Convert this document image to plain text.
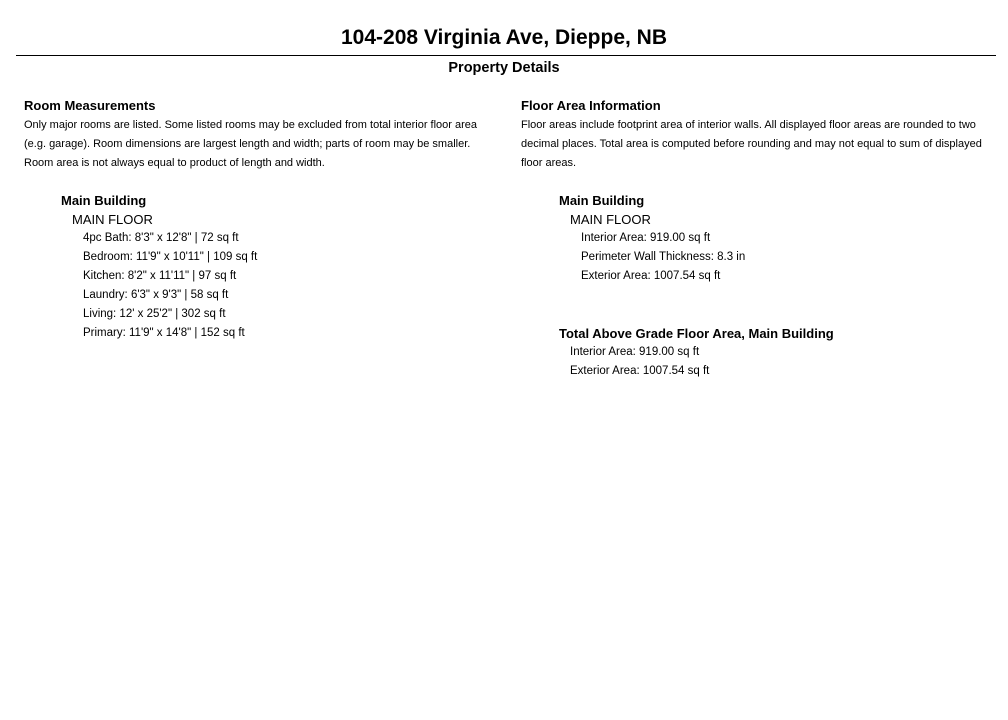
104-208 Virginia Ave, Dieppe, NB
Property Details
Room Measurements
Only major rooms are listed. Some listed rooms may be excluded from total interior floor area (e.g. garage). Room dimensions are largest length and width; parts of room may be smaller. Room area is not always equal to product of length and width.
Main Building
MAIN FLOOR
4pc Bath: 8'3" x 12'8" | 72 sq ft
Bedroom: 11'9" x 10'11" | 109 sq ft
Kitchen: 8'2" x 11'11" | 97 sq ft
Laundry: 6'3" x 9'3" | 58 sq ft
Living: 12' x 25'2" | 302 sq ft
Primary: 11'9" x 14'8" | 152 sq ft
Floor Area Information
Floor areas include footprint area of interior walls. All displayed floor areas are rounded to two decimal places. Total area is computed before rounding and may not equal to sum of displayed floor areas.
Main Building
MAIN FLOOR
Interior Area: 919.00 sq ft
Perimeter Wall Thickness: 8.3 in
Exterior Area: 1007.54 sq ft
Total Above Grade Floor Area, Main Building
Interior Area: 919.00 sq ft
Exterior Area: 1007.54 sq ft
